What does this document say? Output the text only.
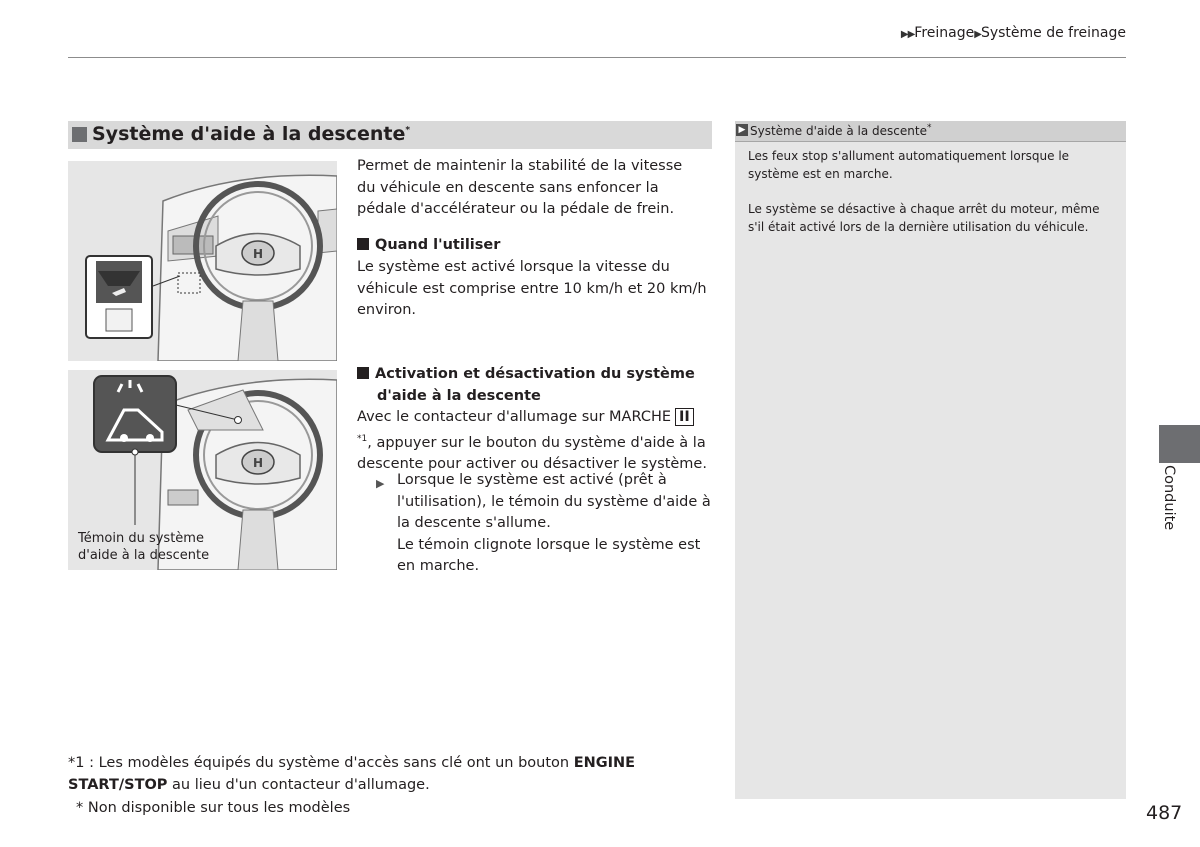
▶▶Freinage▶Système de freinage
Système d'aide à la descente*
H
H
Témoin du système
d'aide à la descente
Permet de maintenir la stabilité de la vitesse du véhicule en descente sans enfoncer la pédale d'accélérateur ou la pédale de frein.
Quand l'utiliser
Le système est activé lorsque la vitesse du véhicule est comprise entre 10 km/h et 20 km/h environ.
Activation et désactivation du système
d'aide à la descente
Avec le contacteur d'allumage sur MARCHE II$^{*1}$, appuyer sur le bouton du système d'aide à la descente pour activer ou désactiver le système.
▶ Lorsque le système est activé (prêt à l'utilisation), le témoin du système d'aide à la descente s'allume.
Le témoin clignote lorsque le système est en marche.
*1 : Les modèles équipés du système d'accès sans clé ont un bouton ENGINE START/STOP au lieu d'un contacteur d'allumage.
* Non disponible sur tous les modèles
▶ Système d'aide à la descente*
Les feux stop s'allument automatiquement lorsque le système est en marche.
Le système se désactive à chaque arrêt du moteur, même s'il était activé lors de la dernière utilisation du véhicule.
Conduite
487
